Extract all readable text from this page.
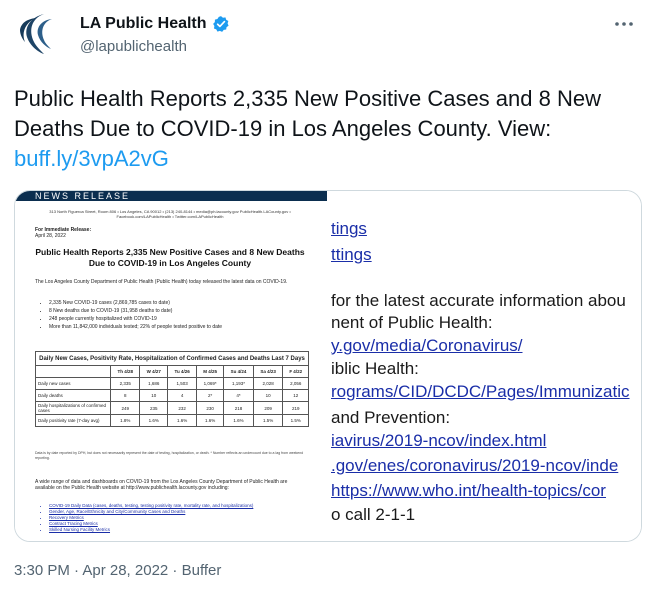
LA Public Health
@lapublichealth
Public Health Reports 2,335 New Positive Cases and 8 New Deaths Due to COVID-19 in Los Angeles County. View: buff.ly/3vpA2vG
NEWS RELEASE
313 North Figueroa Street, Room 806 • Los Angeles, CA 90012 • (213) 240-8144 • media@ph.lacounty.gov PublicHealth.LACounty.gov • Facebook.com/LAPublicHealth • Twitter.com/LAPublicHealth
For Immediate Release:
April 28, 2022
Public Health Reports 2,335 New Positive Cases and 8 New Deaths Due to COVID-19 in Los Angeles County
The Los Angeles County Department of Public Health (Public Health) today released the latest data on COVID-19.
• 2,335 New COVID-19 cases (2,869,785 cases to date)
• 8 New deaths due to COVID-19 (31,958 deaths to date)
• 248 people currently hospitalized with COVID-19
• More than 11,842,000 individuals tested; 22% of people tested positive to date
Daily New Cases, Positivity Rate, Hospitalization of Confirmed Cases and Deaths Last 7 Days							
	Th 4/28	W 4/27	Tu 4/26	M 4/25	Su 4/24	Sa 4/23	F 4/22
Daily new cases	2,335	1,686	1,503	1,069*	1,193*	2,028	2,056
Daily deaths	8	10	4	2*	4*	10	12
Daily hospitalizations of confirmed cases	249	235	232	230	218	209	219
Daily positivity rate (7-day avg)	1.8%	1.6%	1.6%	1.6%	1.6%	1.5%	1.5%
Data is by date reported by DPH, but does not necessarily represent the date of testing, hospitalization, or death. * Number reflects an undercount due to a lag from weekend reporting.
A wide range of data and dashboards on COVID-19 from the Los Angeles County Department of Public Health are available on the Public Health website at http://www.publichealth.lacounty.gov including:
• COVID-19 Daily Data (cases, deaths, testing, testing positivity rate, mortality rate, and hospitalizations)
• Gender, Age, Race/Ethnicity and City/Community Cases and Deaths
• Recovery Metrics
• Contract Tracing Metrics
• Skilled Nursing Facility Metrics
tings
ttings
for the latest accurate information abou
nent of Public Health:
y.gov/media/Coronavirus/
iblic Health:
rograms/CID/DCDC/Pages/Immunizatic
and Prevention:
iavirus/2019-ncov/index.html
.gov/enes/coronavirus/2019-ncov/inde
https://www.who.int/health-topics/cor
o call 2-1-1
3:30 PM · Apr 28, 2022 · Buffer
